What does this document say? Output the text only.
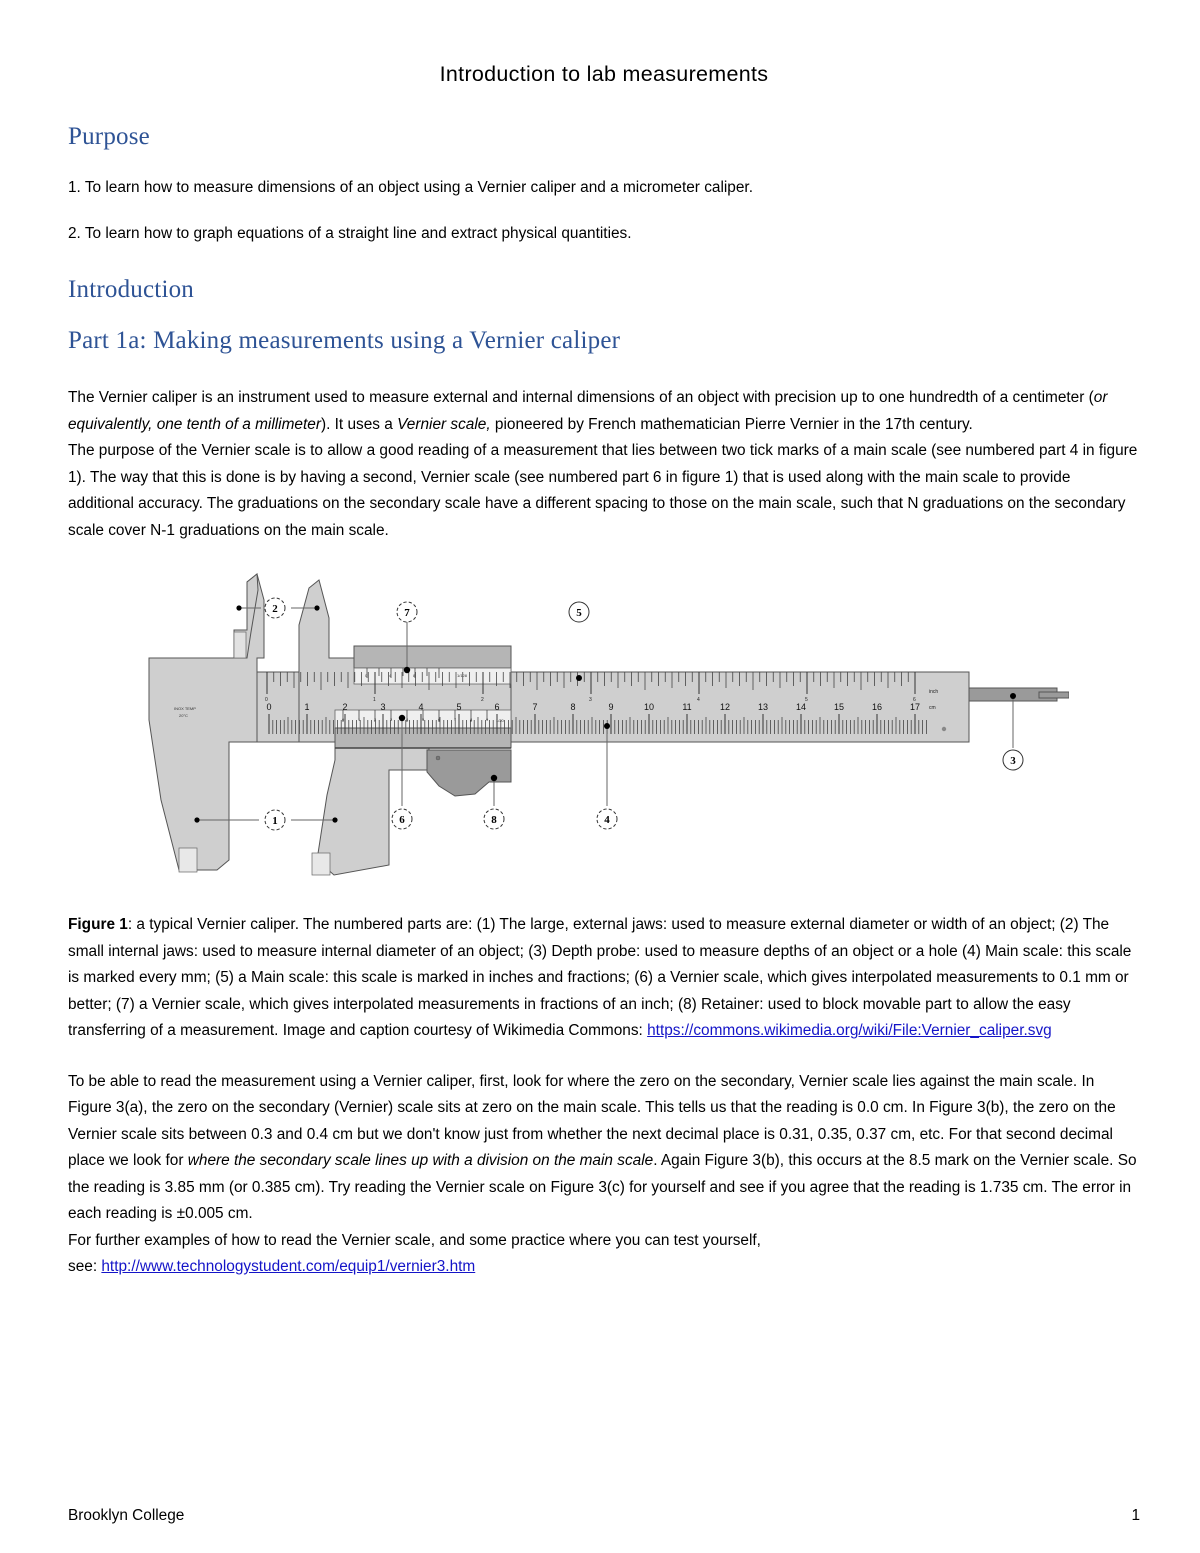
Introduction to lab measurements
Purpose

1. To learn how to measure dimensions of an object using a Vernier caliper and a micrometer caliper.

2. To learn how to graph equations of a straight line and extract physical quantities.

Introduction
Part 1a: Making measurements using a Vernier caliper

The Vernier caliper is an instrument used to measure external and internal dimensions of an object with precision up to one hundredth of a centimeter (or equivalently, one tenth of a millimeter). It uses a Vernier scale, pioneered by French mathematician Pierre Vernier in the 17th century.

The purpose of the Vernier scale is to allow a good reading of a measurement that lies between two tick marks of a main scale (see numbered part 4 in figure 1). The way that this is done is by having a second, Vernier scale (see numbered part 6 in figure 1) that is used along with the main scale to provide additional accuracy. The graduations on the secondary scale have a different spacing to those on the main scale, such that N graduations on the secondary scale cover N-1 graduations on the main scale.

INOX TEMP
20°C
0	1	2	3	4	5	6
inch
0	4	8	1/128
0	1	2	3	4	5	6	7	8	9	10	11	12	13	14	15	16	17 cm
0	1	2	3	4	5	6	7	8	9 1/20
1
2
3
4
5
6
7
8

Figure 1: a typical Vernier caliper. The numbered parts are: (1) The large, external jaws: used to measure external diameter or width of an object; (2) The small internal jaws: used to measure internal diameter of an object; (3) Depth probe: used to measure depths of an object or a hole (4) Main scale: this scale is marked every mm; (5) a Main scale: this scale is marked in inches and fractions; (6) a Vernier scale, which gives interpolated measurements to 0.1 mm or better; (7) a Vernier scale, which gives interpolated measurements in fractions of an inch; (8) Retainer: used to block movable part to allow the easy transferring of a measurement. Image and caption courtesy of Wikimedia Commons: https://commons.wikimedia.org/wiki/File:Vernier_caliper.svg

To be able to read the measurement using a Vernier caliper, first, look for where the zero on the secondary, Vernier scale lies against the main scale. In Figure 3(a), the zero on the secondary (Vernier) scale sits at zero on the main scale. This tells us that the reading is 0.0 cm. In Figure 3(b), the zero on the Vernier scale sits between 0.3 and 0.4 cm but we don't know just from whether the next decimal place is 0.31, 0.35, 0.37 cm, etc. For that second decimal place we look for where the secondary scale lines up with a division on the main scale. Again Figure 3(b), this occurs at the 8.5 mark on the Vernier scale. So the reading is 3.85 mm (or 0.385 cm). Try reading the Vernier scale on Figure 3(c) for yourself and see if you agree that the reading is 1.735 cm. The error in each reading is ±0.005 cm.

For further examples of how to read the Vernier scale, and some practice where you can test yourself,
see: http://www.technologystudent.com/equip1/vernier3.htm

Brooklyn College	1
